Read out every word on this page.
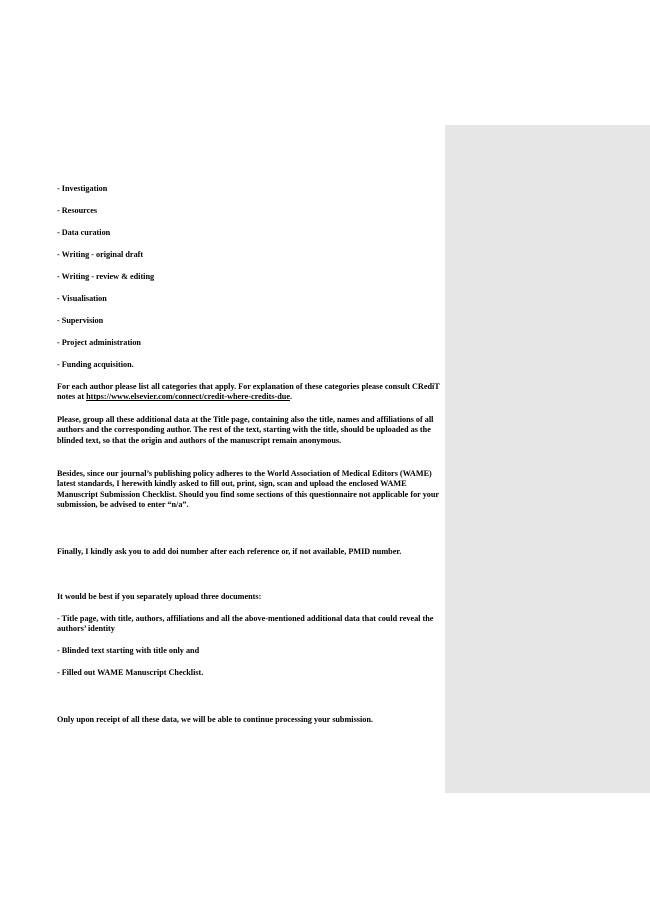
- Investigation
- Resources
- Data curation
- Writing - original draft
- Writing - review & editing
- Visualisation
- Supervision
- Project administration
- Funding acquisition.
For each author please list all categories that apply. For explanation of these categories please consult CRediT notes at https://www.elsevier.com/connect/credit-where-credits-due.
Please, group all these additional data at the Title page, containing also the title, names and affiliations of all authors and the corresponding author. The rest of the text, starting with the title, should be uploaded as the blinded text, so that the origin and authors of the manuscript remain anonymous.
Besides, since our journal’s publishing policy adheres to the World Association of Medical Editors (WAME) latest standards, I herewith kindly asked to fill out, print, sign, scan and upload the enclosed WAME Manuscript Submission Checklist. Should you find some sections of this questionnaire not applicable for your submission, be advised to enter “n/a”.
Finally, I kindly ask you to add doi number after each reference or, if not available, PMID number.
It would be best if you separately upload three documents:
- Title page, with title, authors, affiliations and all the above-mentioned additional data that could reveal the authors’ identity
- Blinded text starting with title only and
- Filled out WAME Manuscript Checklist.
Only upon receipt of all these data, we will be able to continue processing your submission.
